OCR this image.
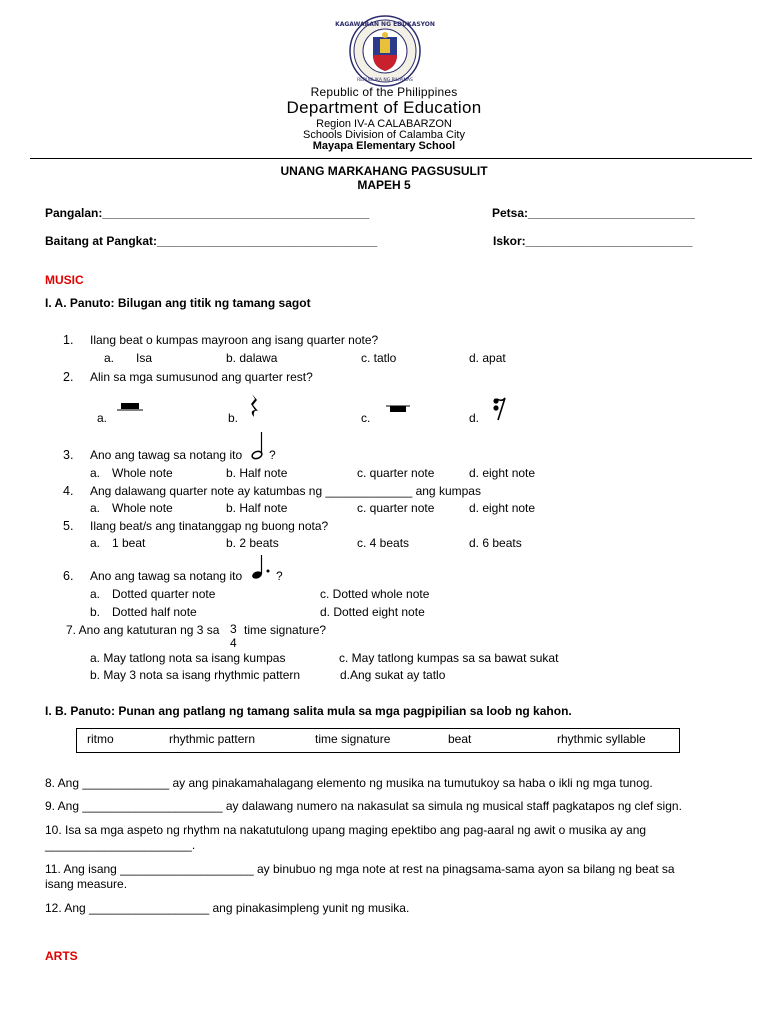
KAGAWARAN NG EDUKASYON
REPUBLIKA NG PILIPINAS
Republic of the Philippines
Department of Education
Region IV-A CALABARZON
Schools Division of Calamba City
Mayapa Elementary School
UNANG MARKAHANG PAGSUSULIT
MAPEH 5
Pangalan:________________________________________	Petsa:_________________________
Baitang at Pangkat:_________________________________	Iskor:_________________________
MUSIC
I. A. Panuto: Bilugan ang titik ng tamang sagot
1. Ilang beat o kumpas mayroon ang isang quarter note?
a. Isa	b. dalawa	c. tatlo	d. apat
2. Alin sa mga sumusunod ang quarter rest?
a.	b.	c.	d.
3. Ano ang tawag sa notang ito ?
a. Whole note	b. Half note	c. quarter note	d. eight note
4. Ang dalawang quarter note ay katumbas ng _____________ ang kumpas
a. Whole note	b. Half note	c. quarter note	d. eight note
5. Ilang beat/s ang tinatanggap ng buong nota?
a. 1 beat	b. 2 beats	c. 4 beats	d. 6 beats
6. Ano ang tawag sa notang ito	?
a. Dotted quarter note	c. Dotted whole note
b. Dotted half note	d. Dotted eight note
7. Ano ang katuturan ng 3 sa 3
4
time signature?
a. May tatlong nota sa isang kumpas	c. May tatlong kumpas sa sa bawat sukat
b. May 3 nota sa isang rhythmic pattern	d.Ang sukat ay tatlo
I. B. Panuto: Punan ang patlang ng tamang salita mula sa mga pagpipilian sa loob ng kahon.
ritmo	rhythmic pattern	time signature	beat	rhythmic syllable
8. Ang _____________ ay ang pinakamahalagang elemento ng musika na tumutukoy sa haba o ikli ng mga tunog.
9. Ang _____________________ ay dalawang numero na nakasulat sa simula ng musical staff pagkatapos ng clef sign.
10. Isa sa mga aspeto ng rhythm na nakatutulong upang maging epektibo ang pag-aaral ng awit o musika ay ang
______________________.
11. Ang isang ____________________ ay binubuo ng mga note at rest na pinagsama-sama ayon sa bilang ng beat sa
isang measure.
12. Ang __________________ ang pinakasimpleng yunit ng musika.
ARTS
